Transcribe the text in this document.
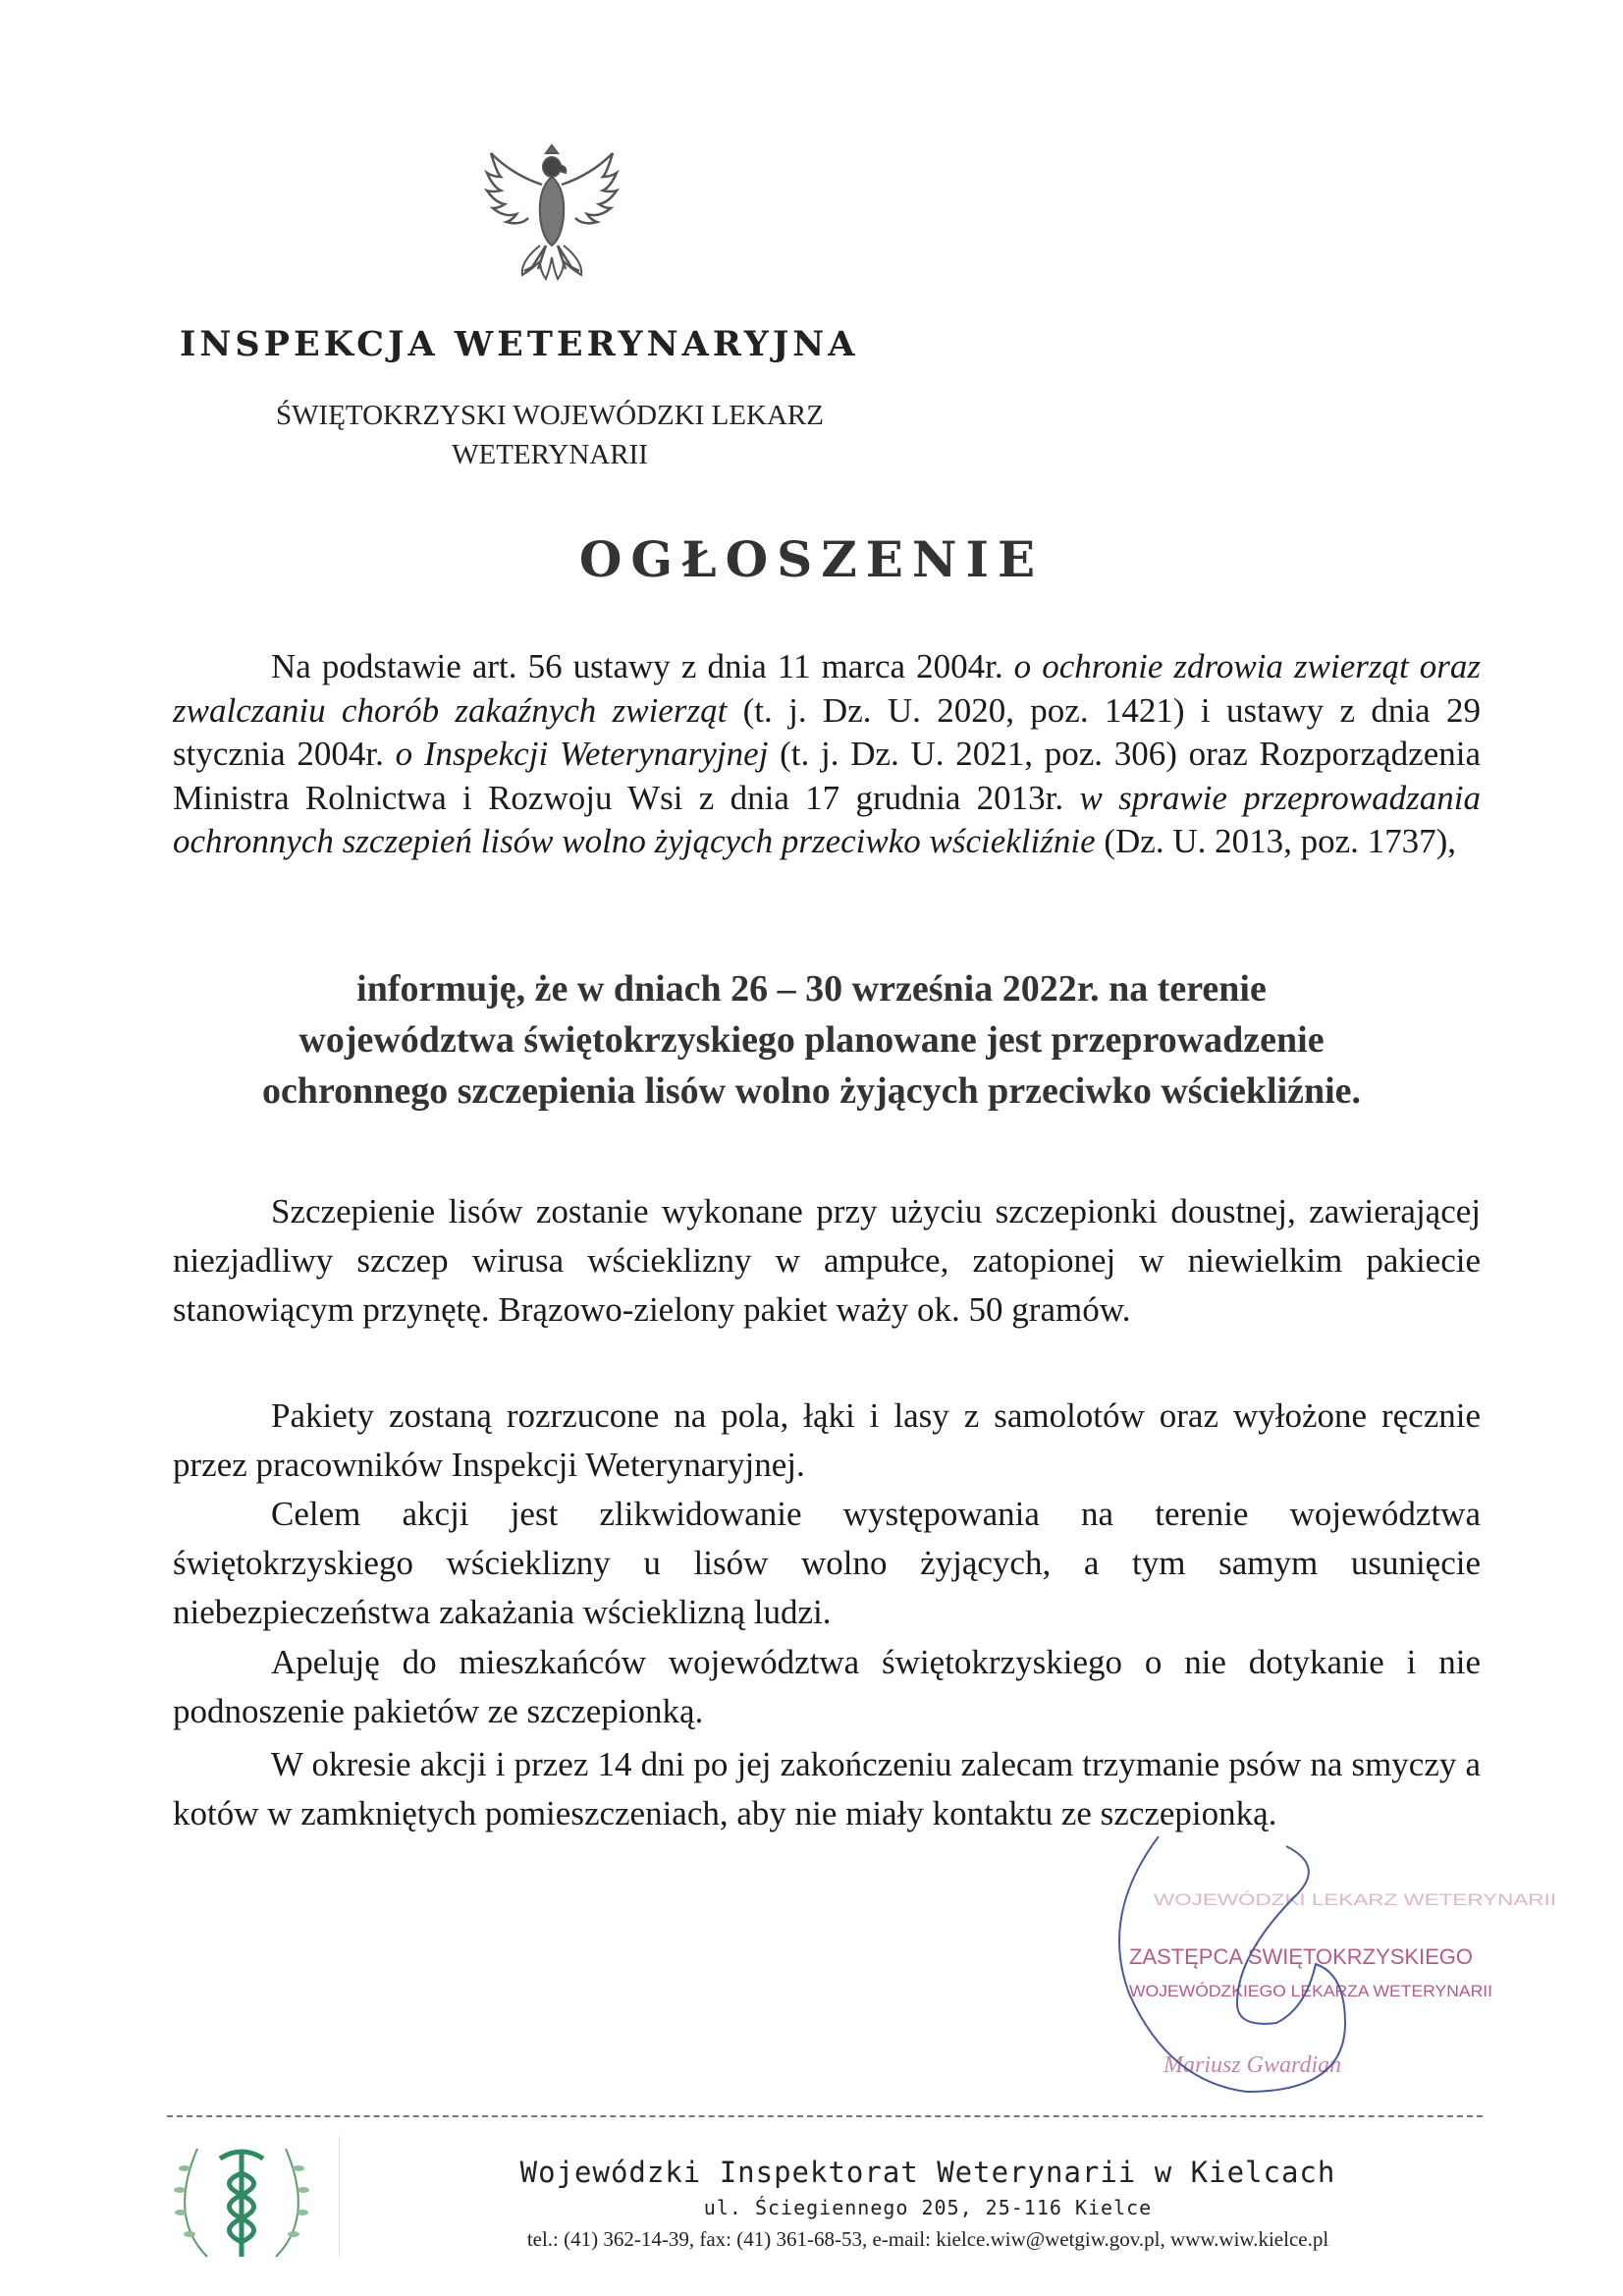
INSPEKCJA WETERYNARYJNA
ŚWIĘTOKRZYSKI WOJEWÓDZKI LEKARZ
WETERYNARII
OGŁOSZENIE

Na podstawie art. 56 ustawy z dnia 11 marca 2004r. o ochronie zdrowia zwierząt oraz zwalczaniu chorób zakaźnych zwierząt (t. j. Dz. U. 2020, poz. 1421) i ustawy z dnia 29 stycznia 2004r. o Inspekcji Weterynaryjnej (t. j. Dz. U. 2021, poz. 306) oraz Rozporządzenia Ministra Rolnictwa i Rozwoju Wsi z dnia 17 grudnia 2013r. w sprawie przeprowadzania ochronnych szczepień lisów wolno żyjących przeciwko wściekliźnie (Dz. U. 2013, poz. 1737),

informuję, że w dniach 26 – 30 września 2022r. na terenie
województwa świętokrzyskiego planowane jest przeprowadzenie
ochronnego szczepienia lisów wolno żyjących przeciwko wściekliźnie.

Szczepienie lisów zostanie wykonane przy użyciu szczepionki doustnej, zawierającej niezjadliwy szczep wirusa wścieklizny w ampułce, zatopionej w niewielkim pakiecie stanowiącym przynętę. Brązowo-zielony pakiet waży ok. 50 gramów.

Pakiety zostaną rozrzucone na pola, łąki i lasy z samolotów oraz wyłożone ręcznie przez pracowników Inspekcji Weterynaryjnej.

Celem akcji jest zlikwidowanie występowania na terenie województwa świętokrzyskiego wścieklizny u lisów wolno żyjących, a tym samym usunięcie niebezpieczeństwa zakażania wścieklizną ludzi.

Apeluję do mieszkańców województwa świętokrzyskiego o nie dotykanie i nie podnoszenie pakietów ze szczepionką.

W okresie akcji i przez 14 dni po jej zakończeniu zalecam trzymanie psów na smyczy a kotów w zamkniętych pomieszczeniach, aby nie miały kontaktu ze szczepionką.

WOJEWÓDZKI LEKARZ WETERYNARII
ZASTĘPCA ŚWIĘTOKRZYSKIEGO
WOJEWÓDZKIEGO LEKARZA WETERYNARII
Mariusz Gwardian

Wojewódzki Inspektorat Weterynarii w Kielcach

ul. Ściegiennego 205, 25-116 Kielce

tel.: (41) 362-14-39, fax: (41) 361-68-53, e-mail: kielce.wiw@wetgiw.gov.pl, www.wiw.kielce.pl
